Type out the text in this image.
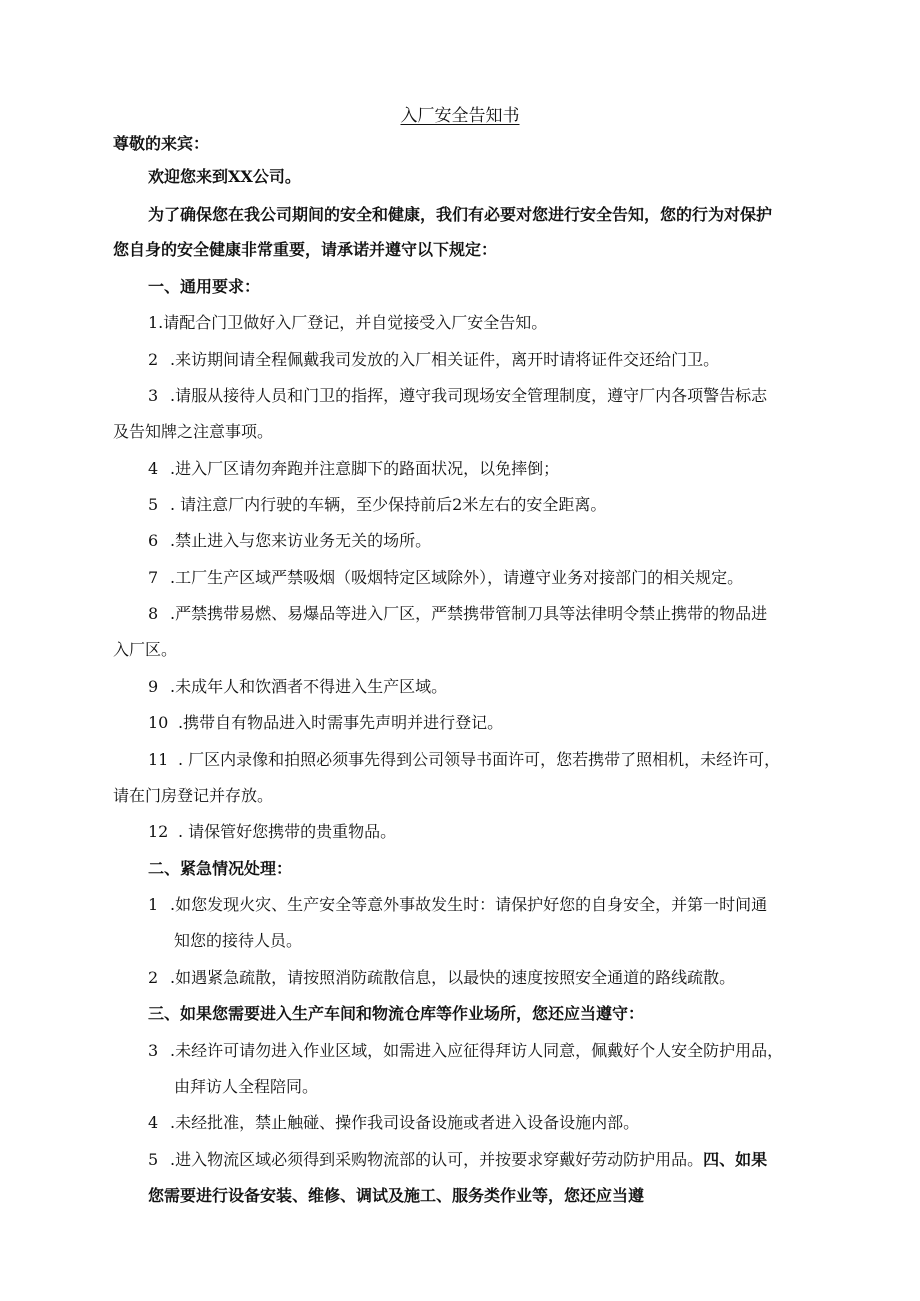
入厂安全告知书
尊敬的来宾：
欢迎您来到XX公司。
为了确保您在我公司期间的安全和健康，我们有必要对您进行安全告知，您的行为对保护
您自身的安全健康非常重要，请承诺并遵守以下规定：
一、通用要求：
1.请配合门卫做好入厂登记，并自觉接受入厂安全告知。
2 .来访期间请全程佩戴我司发放的入厂相关证件，离开时请将证件交还给门卫。
3 .请服从接待人员和门卫的指挥，遵守我司现场安全管理制度，遵守厂内各项警告标志
及告知牌之注意事项。
4 .进入厂区请勿奔跑并注意脚下的路面状况，以免摔倒；
5 . 请注意厂内行驶的车辆，至少保持前后2米左右的安全距离。
6 .禁止进入与您来访业务无关的场所。
7 .工厂生产区域严禁吸烟（吸烟特定区域除外），请遵守业务对接部门的相关规定。
8 .严禁携带易燃、易爆品等进入厂区，严禁携带管制刀具等法律明令禁止携带的物品进
入厂区。
9 .未成年人和饮酒者不得进入生产区域。
10 .携带自有物品进入时需事先声明并进行登记。
11 . 厂区内录像和拍照必须事先得到公司领导书面许可，您若携带了照相机，未经许可，
请在门房登记并存放。
12 . 请保管好您携带的贵重物品。
二、紧急情况处理：
1 .如您发现火灾、生产安全等意外事故发生时：请保护好您的自身安全，并第一时间通
知您的接待人员。
2 .如遇紧急疏散，请按照消防疏散信息，以最快的速度按照安全通道的路线疏散。
三、如果您需要进入生产车间和物流仓库等作业场所，您还应当遵守：
3 .未经许可请勿进入作业区域，如需进入应征得拜访人同意，佩戴好个人安全防护用品，
由拜访人全程陪同。
4 .未经批准，禁止触碰、操作我司设备设施或者进入设备设施内部。
5 .进入物流区域必须得到采购物流部的认可，并按要求穿戴好劳动防护用品。四、如果
您需要进行设备安装、维修、调试及施工、服务类作业等，您还应当遵
